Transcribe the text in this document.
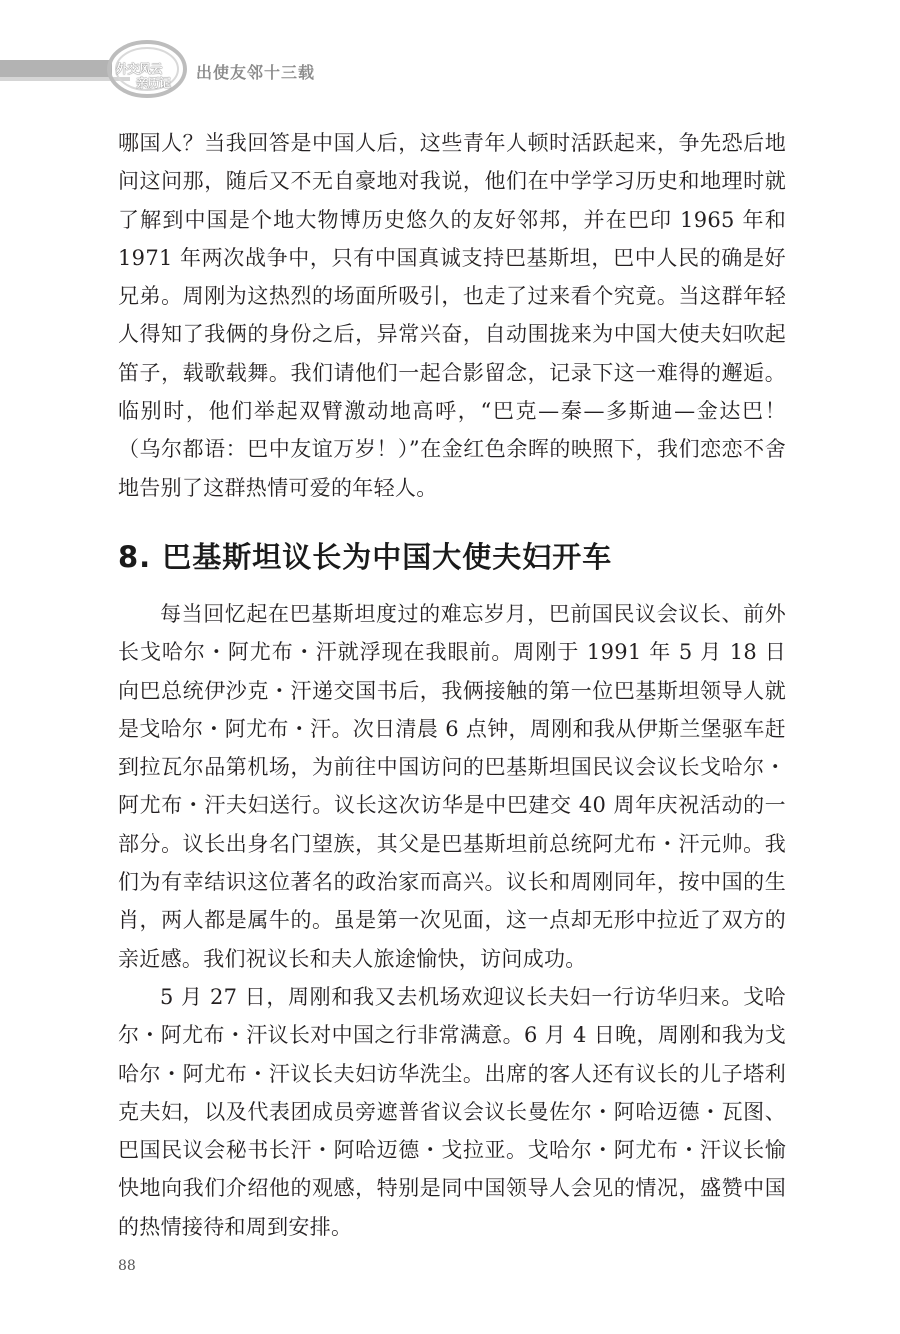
外交风云
亲历记
出使友邻十三载

哪国人？当我回答是中国人后，这些青年人顿时活跃起来，争先恐后地问这问那，随后又不无自豪地对我说，他们在中学学习历史和地理时就了解到中国是个地大物博历史悠久的友好邻邦，并在巴印 1965 年和 1971 年两次战争中，只有中国真诚支持巴基斯坦，巴中人民的确是好兄弟。周刚为这热烈的场面所吸引，也走了过来看个究竟。当这群年轻人得知了我俩的身份之后，异常兴奋，自动围拢来为中国大使夫妇吹起笛子，载歌载舞。我们请他们一起合影留念，记录下这一难得的邂逅。临别时，他们举起双臂激动地高呼，“巴克—秦—多斯迪—金达巴！（乌尔都语：巴中友谊万岁！）”在金红色余晖的映照下，我们恋恋不舍地告别了这群热情可爱的年轻人。

8. 巴基斯坦议长为中国大使夫妇开车

每当回忆起在巴基斯坦度过的难忘岁月，巴前国民议会议长、前外长戈哈尔・阿尤布・汗就浮现在我眼前。周刚于 1991 年 5 月 18 日向巴总统伊沙克・汗递交国书后，我俩接触的第一位巴基斯坦领导人就是戈哈尔・阿尤布・汗。次日清晨 6 点钟，周刚和我从伊斯兰堡驱车赶到拉瓦尔品第机场，为前往中国访问的巴基斯坦国民议会议长戈哈尔・阿尤布・汗夫妇送行。议长这次访华是中巴建交 40 周年庆祝活动的一部分。议长出身名门望族，其父是巴基斯坦前总统阿尤布・汗元帅。我们为有幸结识这位著名的政治家而高兴。议长和周刚同年，按中国的生肖，两人都是属牛的。虽是第一次见面，这一点却无形中拉近了双方的亲近感。我们祝议长和夫人旅途愉快，访问成功。

5 月 27 日，周刚和我又去机场欢迎议长夫妇一行访华归来。戈哈尔・阿尤布・汗议长对中国之行非常满意。6 月 4 日晚，周刚和我为戈哈尔・阿尤布・汗议长夫妇访华洗尘。出席的客人还有议长的儿子塔利克夫妇，以及代表团成员旁遮普省议会议长曼佐尔・阿哈迈德・瓦图、巴国民议会秘书长汗・阿哈迈德・戈拉亚。戈哈尔・阿尤布・汗议长愉快地向我们介绍他的观感，特别是同中国领导人会见的情况，盛赞中国的热情接待和周到安排。

88
